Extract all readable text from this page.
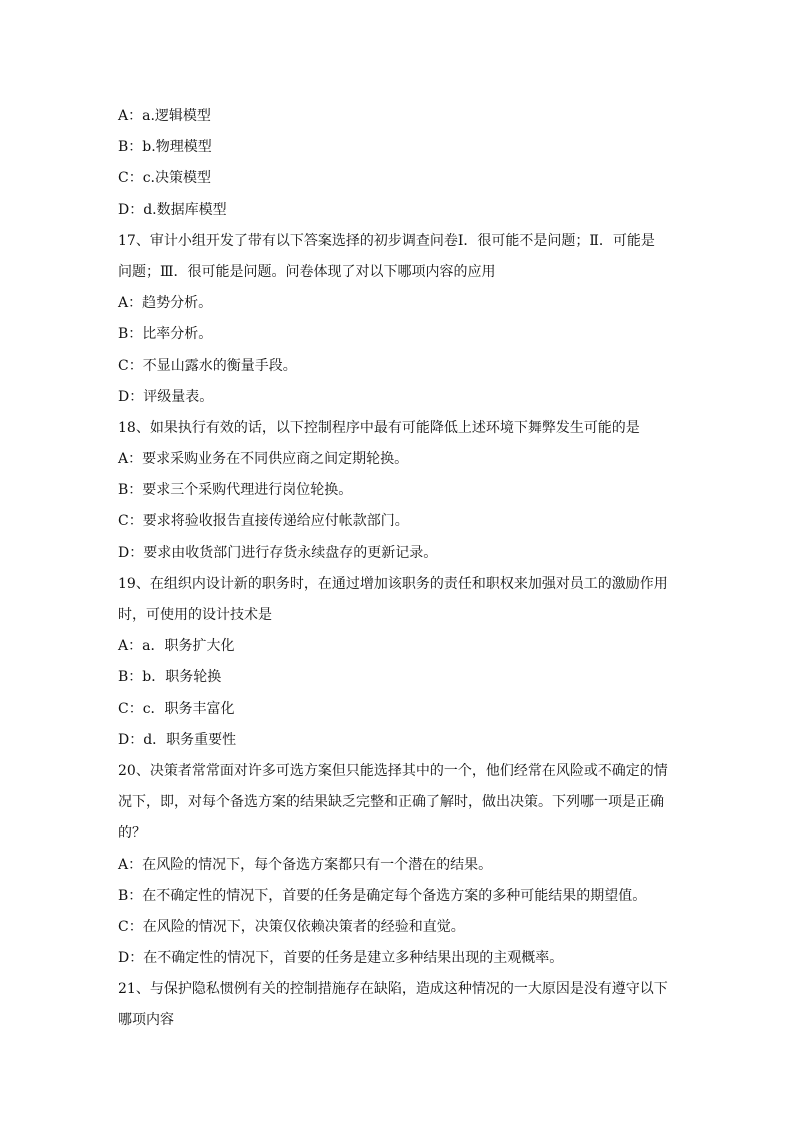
A：a.逻辑模型
B：b.物理模型
C：c.决策模型
D：d.数据库模型
17、审计小组开发了带有以下答案选择的初步调查问卷Ⅰ．很可能不是问题；Ⅱ．可能是
问题；Ⅲ．很可能是问题。问卷体现了对以下哪项内容的应用
A：趋势分析。
B：比率分析。
C：不显山露水的衡量手段。
D：评级量表。
18、如果执行有效的话，以下控制程序中最有可能降低上述环境下舞弊发生可能的是
A：要求采购业务在不同供应商之间定期轮换。
B：要求三个采购代理进行岗位轮换。
C：要求将验收报告直接传递给应付帐款部门。
D：要求由收货部门进行存货永续盘存的更新记录。
19、在组织内设计新的职务时，在通过增加该职务的责任和职权来加强对员工的激励作用
时，可使用的设计技术是
A：a．职务扩大化
B：b．职务轮换
C：c．职务丰富化
D：d．职务重要性
20、决策者常常面对许多可选方案但只能选择其中的一个，他们经常在风险或不确定的情
况下，即，对每个备选方案的结果缺乏完整和正确了解时，做出决策。下列哪一项是正确
的？
A：在风险的情况下，每个备选方案都只有一个潜在的结果。
B：在不确定性的情况下，首要的任务是确定每个备选方案的多种可能结果的期望值。
C：在风险的情况下，决策仅依赖决策者的经验和直觉。
D：在不确定性的情况下，首要的任务是建立多种结果出现的主观概率。
21、与保护隐私惯例有关的控制措施存在缺陷，造成这种情况的一大原因是没有遵守以下
哪项内容
